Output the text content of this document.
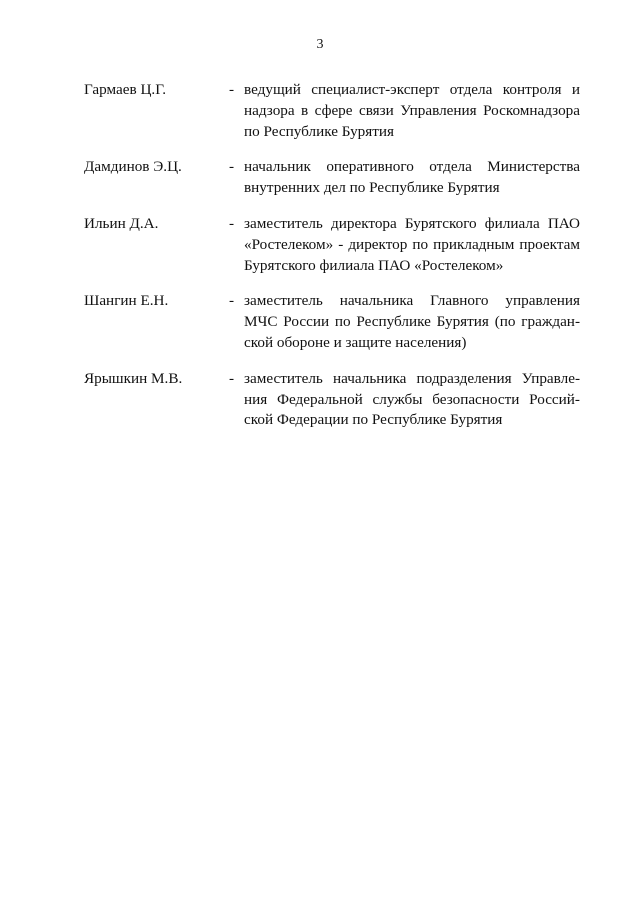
3
Гармаев Ц.Г.	- ведущий специалист-эксперт отдела контроля и
надзора в сфере связи Управления Роскомнадзора
по Республике Бурятия
Дамдинов Э.Ц.	- начальник оперативного отдела Министерства
внутренних дел по Республике Бурятия
Ильин Д.А.	- заместитель директора Бурятского филиала ПАО
«Ростелеком» - директор по прикладным проектам
Бурятского филиала ПАО «Ростелеком»
Шангин Е.Н.	- заместитель начальника Главного управления
МЧС России по Республике Бурятия (по граждан-
ской обороне и защите населения)
Ярышкин М.В.	- заместитель начальника подразделения Управле-
ния Федеральной службы безопасности Россий-
ской Федерации по Республике Бурятия
